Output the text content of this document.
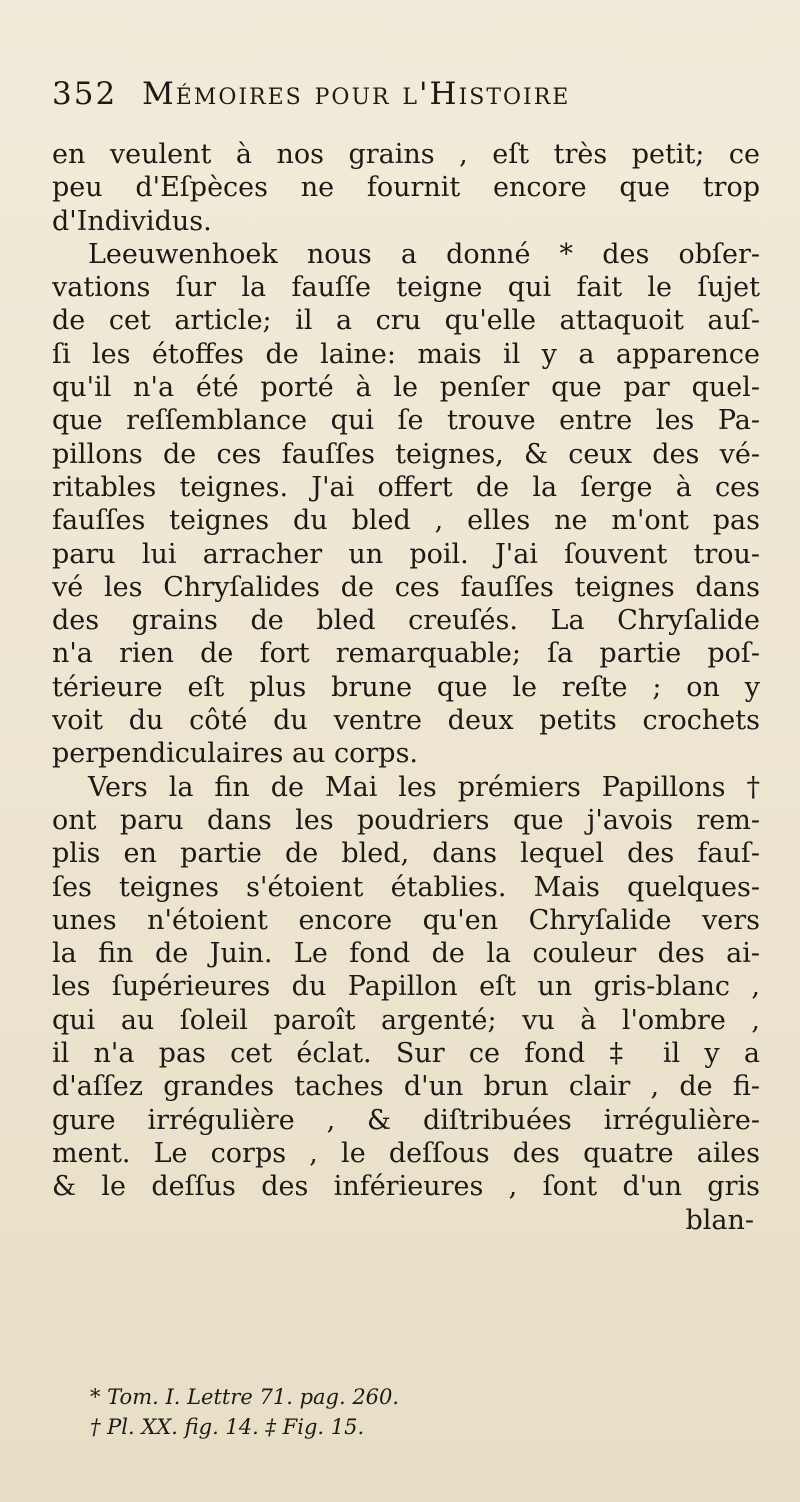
352 Mémoires pour l'Histoire
en veulent à nos grains , eſt très petit; ce
peu d'Eſpèces ne fournit encore que trop
d'Individus.
Leeuwenhoek nous a donné * des obſer-
vations ſur la fauſſe teigne qui fait le ſujet
de cet article; il a cru qu'elle attaquoit auſ-
ſi les étoffes de laine: mais il y a apparence
qu'il n'a été porté à le penſer que par quel-
que reſſemblance qui ſe trouve entre les Pa-
pillons de ces fauſſes teignes, & ceux des vé-
ritables teignes. J'ai offert de la ſerge à ces
fauſſes teignes du bled , elles ne m'ont pas
paru lui arracher un poil. J'ai ſouvent trou-
vé les Chryſalides de ces fauſſes teignes dans
des grains de bled creuſés. La Chryſalide
n'a rien de fort remarquable; ſa partie poſ-
térieure eſt plus brune que le reſte ; on y
voit du côté du ventre deux petits crochets
perpendiculaires au corps.
Vers la fin de Mai les prémiers Papillons †
ont paru dans les poudriers que j'avois rem-
plis en partie de bled, dans lequel des fauſ-
ſes teignes s'étoient établies. Mais quelques-
unes n'étoient encore qu'en Chryſalide vers
la fin de Juin. Le fond de la couleur des ai-
les ſupérieures du Papillon eſt un gris-blanc ,
qui au ſoleil paroît argenté; vu à l'ombre ,
il n'a pas cet éclat. Sur ce fond ‡ il y a
d'aſſez grandes taches d'un brun clair , de fi-
gure irrégulière , & diſtribuées irrégulière-
ment. Le corps , le deſſous des quatre ailes
& le deſſus des inférieures , ſont d'un gris
blan-
* Tom. I. Lettre 71. pag. 260.
† Pl. XX. fig. 14. ‡ Fig. 15.
